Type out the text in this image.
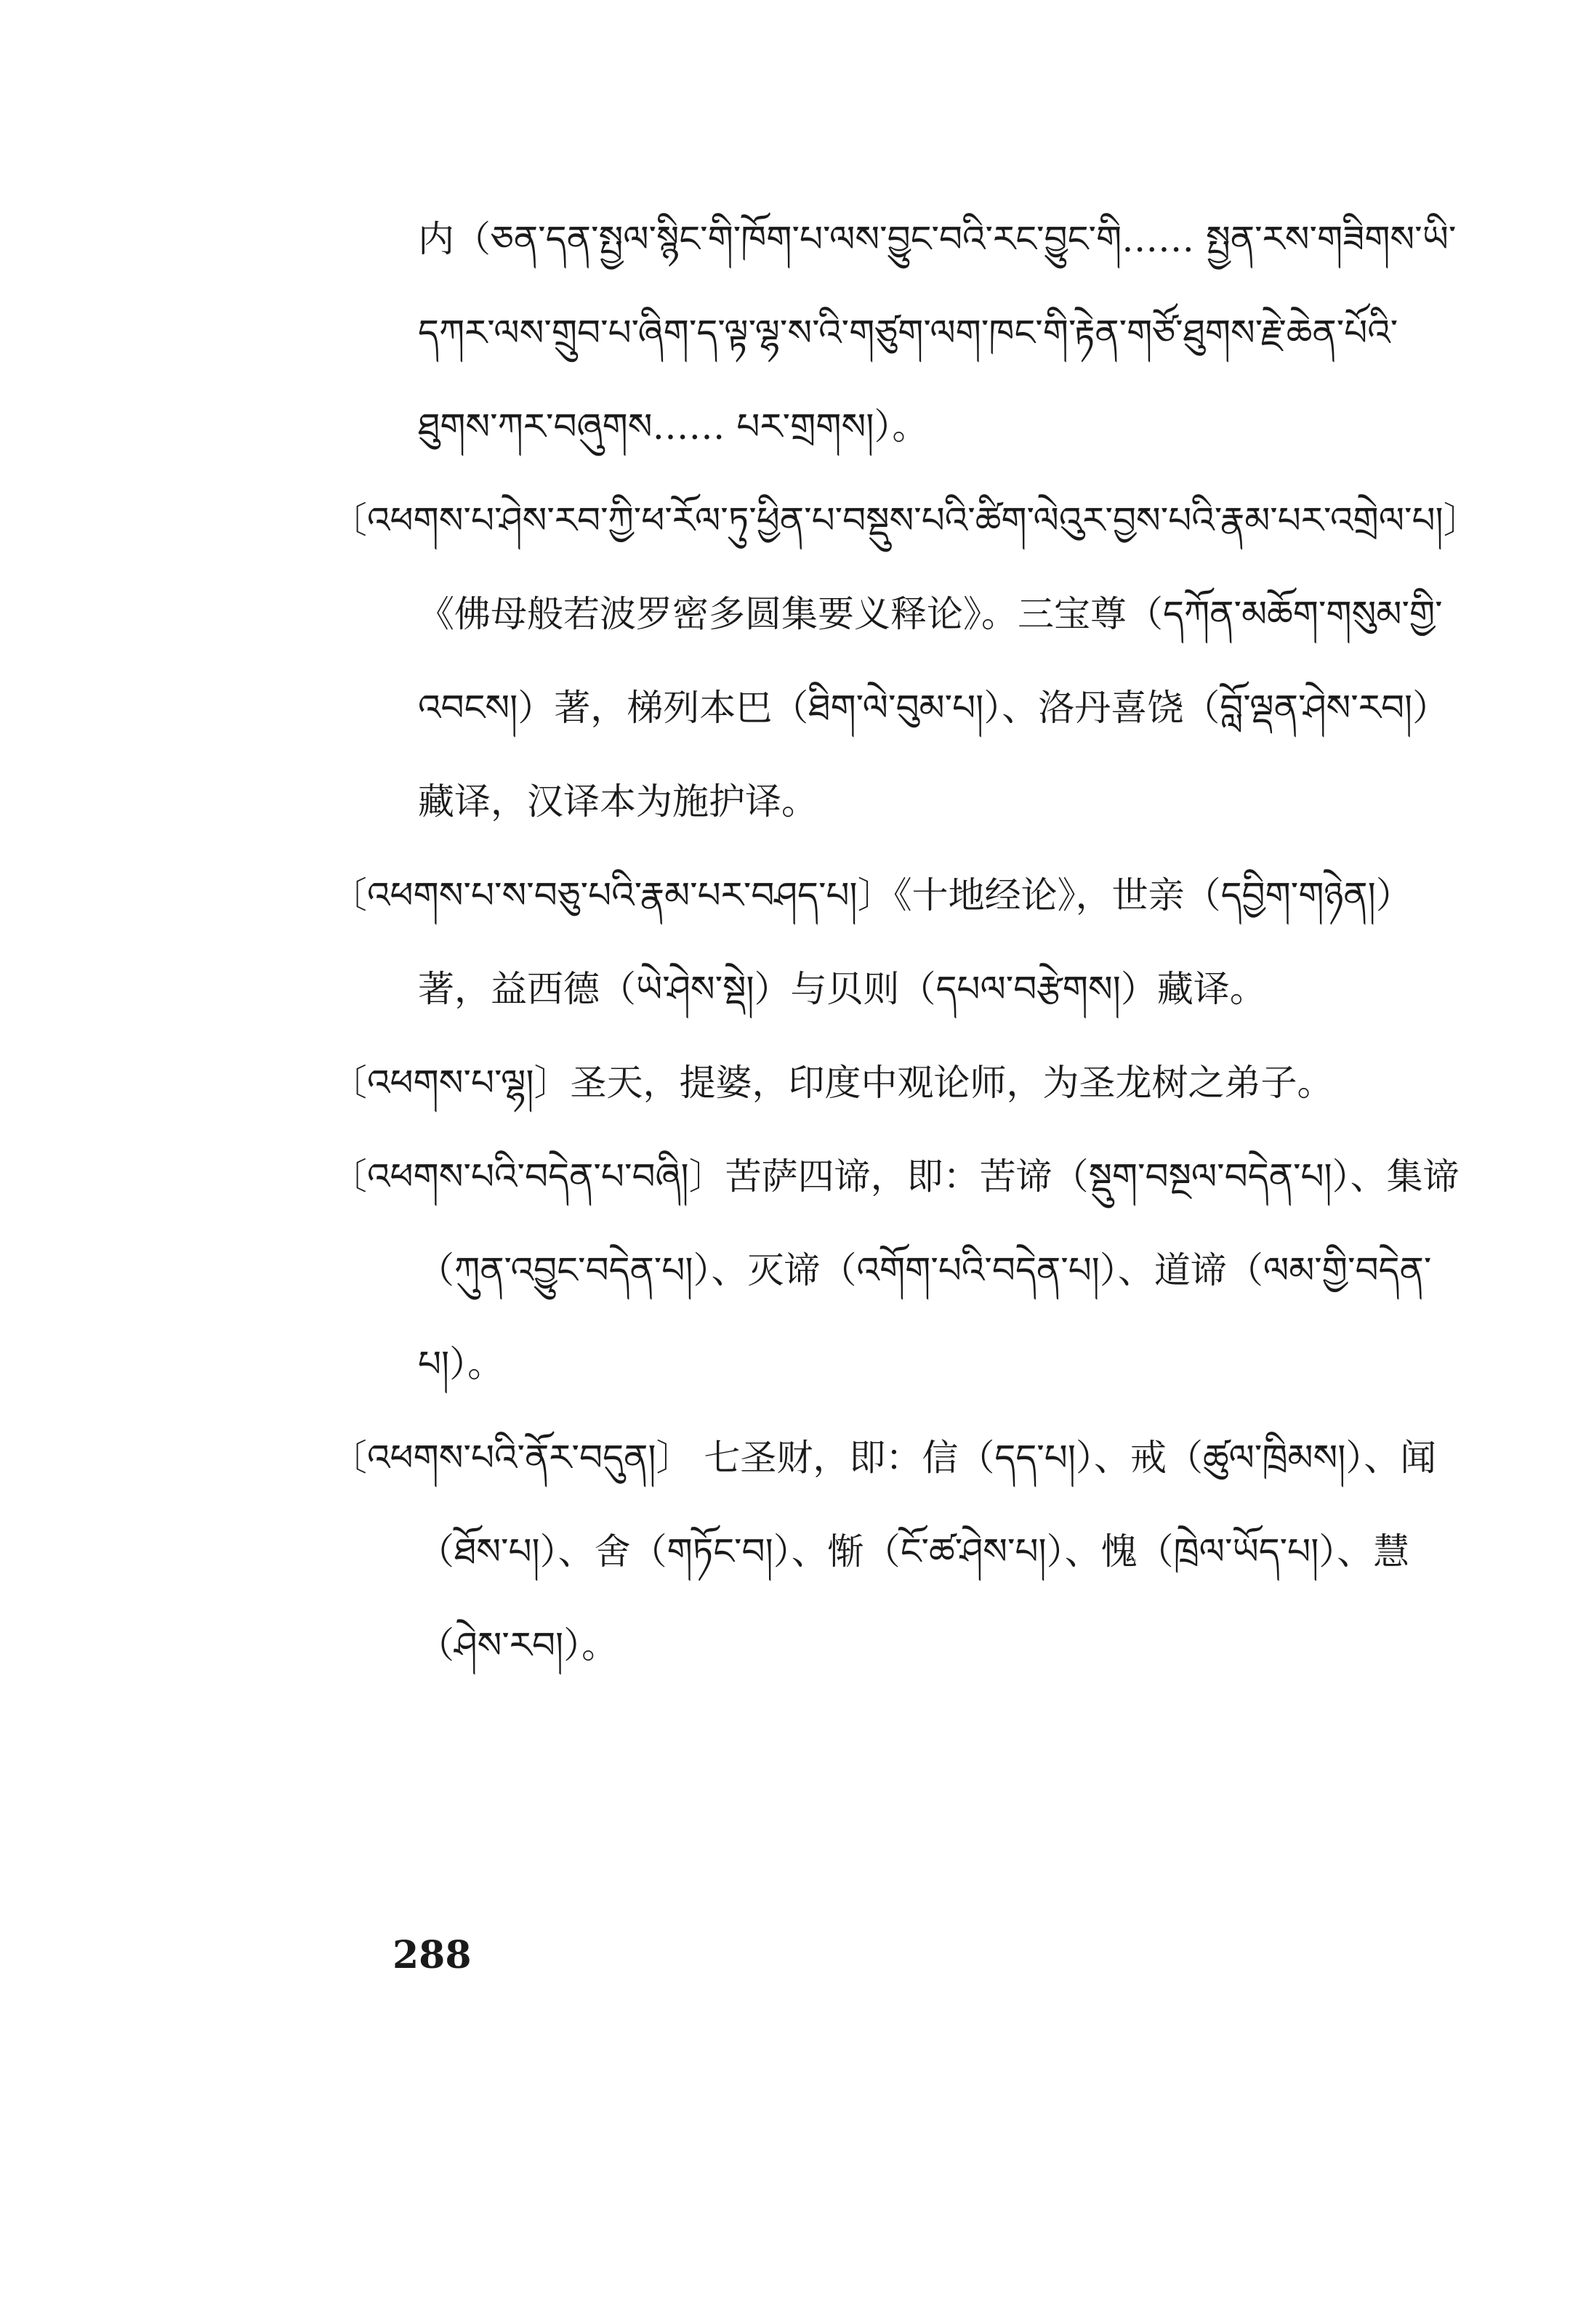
内（ཅན་དན་སྤྱལ་སྙིང་གི་ཁོག་པ་ལས་བྱུང་བའི་རང་བྱུང་གི…… སྤྱན་རས་གཟིགས་ཡི་དཀར་ལས་གྲུབ་པ་ཞིག་ད་ལྟ་ལྷ་ས་འི་གཙུག་ལག་ཁང་གི་རྟེན་གཙོ་ཐུགས་རྗེ་ཆེན་པོའི་ཐུགས་ཀར་བཞུགས…… པར་གྲགས།）。

〔འཕགས་པ་ཤེས་རབ་ཀྱི་ཕ་རོལ་ཏུ་ཕྱིན་པ་བསྡུས་པའི་ཚིག་ལེའུར་བྱས་པའི་རྣམ་པར་འགྲེལ་པ།〕《佛母般若波罗密多圆集要义释论》。三宝尊（དཀོན་མཆོག་གསུམ་གྱི་འབངས།）著，梯列本巴（ཐིག་ལེ་བུམ་པ།）、洛丹喜饶（བློ་ལྡན་ཤེས་རབ།）藏译，汉译本为施护译。

〔འཕགས་པ་ས་བཅུ་པའི་རྣམ་པར་བཤད་པ།〕《十地经论》，世亲（དབྱིག་གཉེན།）著，益西德（ཡེ་ཤེས་སྡེ།）与贝则（དཔལ་བརྩེགས།）藏译。

〔འཕགས་པ་ལྷ།〕圣天，提婆，印度中观论师，为圣龙树之弟子。

〔འཕགས་པའི་བདེན་པ་བཞི།〕苦萨四谛，即：苦谛（སྡུག་བསྔལ་བདེན་པ།）、集谛（ཀུན་འབྱུང་བདེན་པ།）、灭谛（འགོག་པའི་བདེན་པ།）、道谛（ལམ་གྱི་བདེན་པ།）。

〔འཕགས་པའི་ནོར་བདུན།〕 七圣财，即：信（དད་པ།）、戒（ཚུལ་ཁྲིམས།）、闻（ཐོས་པ།）、舍（གཏོང་བ།）、惭（ངོ་ཚ་ཤེས་པ།）、愧（ཁྲེལ་ཡོད་པ།）、慧（ཤེས་རབ།）。

288
